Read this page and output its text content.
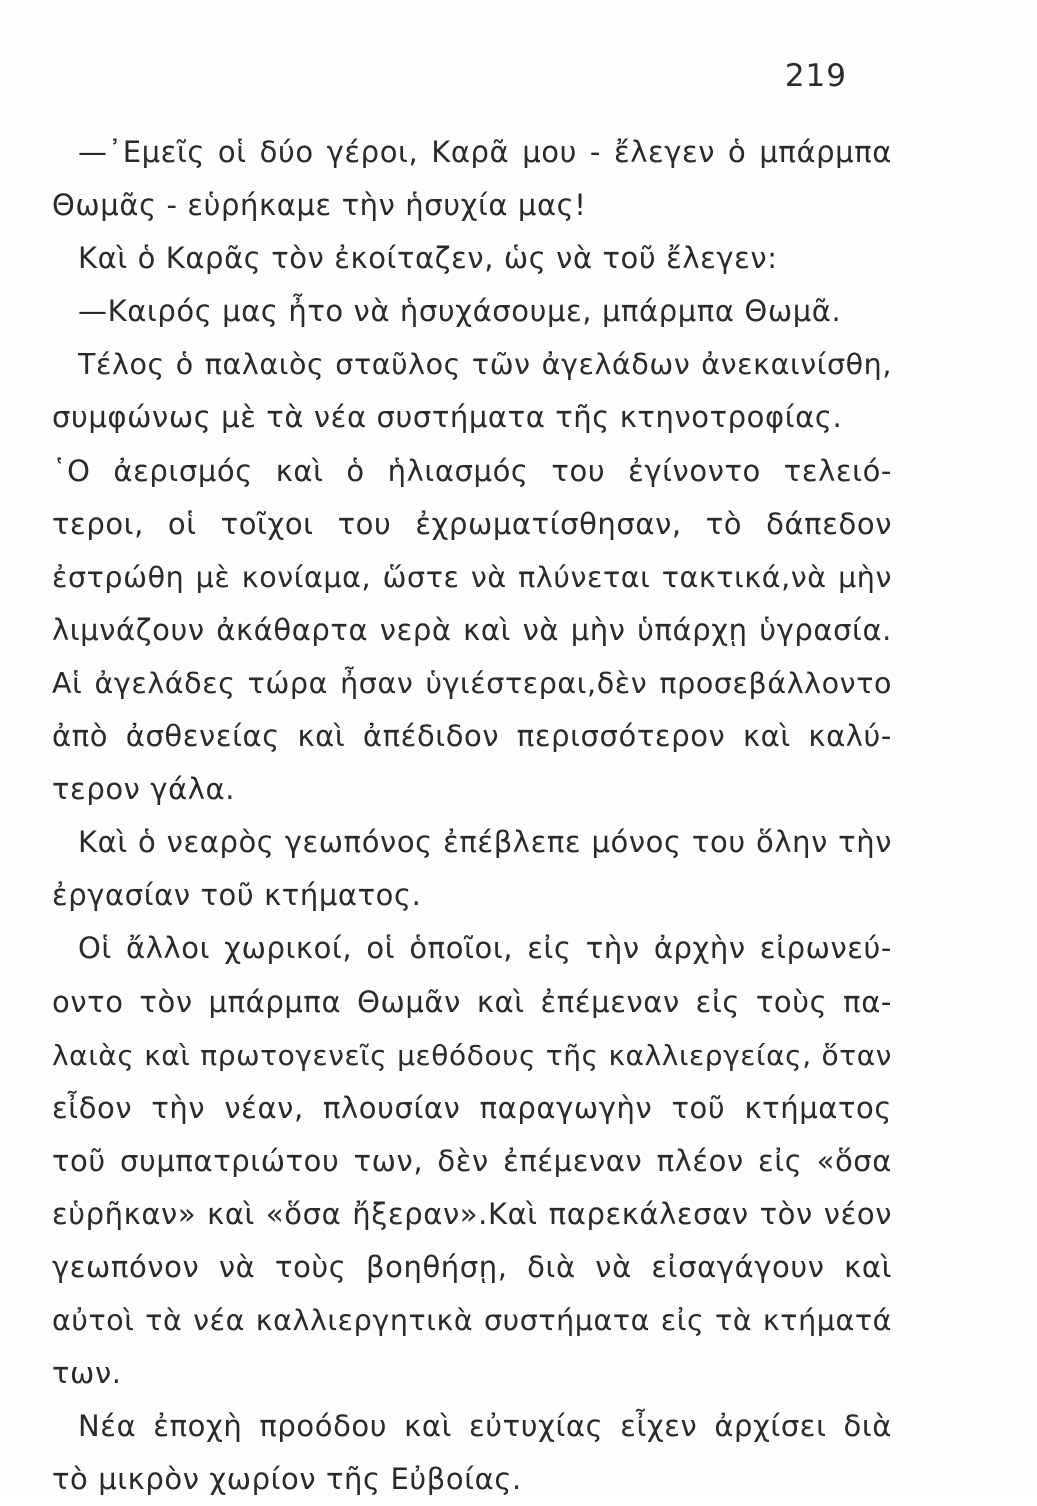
219
—᾿Εμεῖς οἱ δύο γέροι, Καρᾶ μου - ἔλεγεν ὁ μπάρμπα
Θωμᾶς - εὑρήκαμε τὴν ἡσυχία μας!
Καὶ ὁ Καρᾶς τὸν ἐκοίταζεν, ὡς νὰ τοῦ ἔλεγεν:
—Καιρός μας ἦτο νὰ ἡσυχάσουμε, μπάρμπα Θωμᾶ.
Τέλος ὁ παλαιὸς σταῦλος τῶν ἀγελάδων ἀνεκαινίσθη,
συμφώνως μὲ τὰ νέα συστήματα τῆς κτηνοτροφίας.
῾Ο ἀερισμός καὶ ὁ ἡλιασμός του ἐγίνοντο τελειό-
τεροι, οἱ τοῖχοι του ἐχρωματίσθησαν, τὸ δάπεδον
ἐστρώθη μὲ κονίαμα, ὥστε νὰ πλύνεται τακτικά,νὰ μὴν
λιμνάζουν ἀκάθαρτα νερὰ καὶ νὰ μὴν ὑπάρχῃ ὑγρασία.
Αἱ ἀγελάδες τώρα ἦσαν ὑγιέστεραι,δὲν προσεβάλλοντο
ἀπὸ ἀσθενείας καὶ ἀπέδιδον περισσότερον καὶ καλύ-
τερον γάλα.
Καὶ ὁ νεαρὸς γεωπόνος ἐπέβλεπε μόνος του ὅλην τὴν
ἐργασίαν τοῦ κτήματος.
Οἱ ἄλλοι χωρικοί, οἱ ὁποῖοι, εἰς τὴν ἀρχὴν εἰρωνεύ-
οντο τὸν μπάρμπα Θωμᾶν καὶ ἐπέμεναν εἰς τοὺς πα-
λαιὰς καὶ πρωτογενεῖς μεθόδους τῆς καλλιεργείας, ὅταν
εἶδον τὴν νέαν, πλουσίαν παραγωγὴν τοῦ κτήματος
τοῦ συμπατριώτου των, δὲν ἐπέμεναν πλέον εἰς «ὅσα
εὑρῆκαν» καὶ «ὅσα ἤξεραν».Καὶ παρεκάλεσαν τὸν νέον
γεωπόνον νὰ τοὺς βοηθήσῃ, διὰ νὰ εἰσαγάγουν καὶ
αὐτοὶ τὰ νέα καλλιεργητικὰ συστήματα εἰς τὰ κτήματά
των.
Νέα ἐποχὴ προόδου καὶ εὐτυχίας εἶχεν ἀρχίσει διὰ
τὸ μικρὸν χωρίον τῆς Εὐβοίας.
